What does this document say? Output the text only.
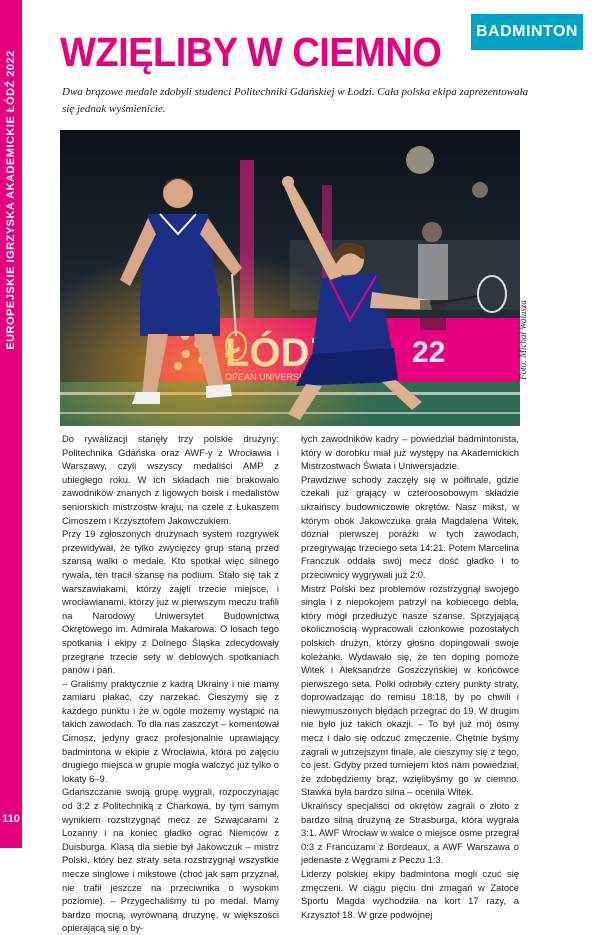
EUROPEJSKIE IGRZYSKA AKADEMICKIE ŁÓDŹ 2022
110
BADMINTON
WZIĘLIBY W CIEMNO

Dwa brązowe medale zdobyli studenci Politechniki Gdańskiej w Łodzi. Cała polska ekipa zaprezentowała się jednak wyśmienicie.

Foto: Michał Walusza

Do rywalizacji stanęły trzy polskie drużyny: Politechnika Gdańska oraz AWF-y z Wrocławia i Warszawy, czyli wszyscy medaliści AMP z ubiegłego roku. W ich składach nie brakowało zawodników znanych z ligowych boisk i medalistów seniorskich mistrzostw kraju, na czele z Łukaszem Cimoszem i Krzysztofem Jakowczukiem.

Przy 19 zgłoszonych drużynach system rozgrywek przewidywał, że tylko zwycięzcy grup staną przed szansą walki o medale. Kto spotkał więc silnego rywala, ten tracił szansę na podium. Stało się tak z warszawiakami, którzy zajęli trzecie miejsce, i wrocławianami, którzy już w pierwszym meczu trafili na Narodowy Uniwersytet Budownictwa Okrętowego im. Admirała Makarowa. O losach tego spotkania i ekipy z Dolnego Śląska zdecydowały przegrane trzecie sety w deblowych spotkaniach panów i pań.

– Graliśmy praktycznie z kadrą Ukrainy i nie mamy zamiaru płakać, czy narzekać. Cieszymy się z każdego punktu i że w ogóle możemy wystąpić na takich zawodach. To dla nas zaszczyt – komentował Cimosz, jedyny gracz profesjonalnie uprawiający badmintona w ekipie z Wrocławia, która po zajęciu drugiego miejsca w grupie mogła walczyć już tylko o lokaty 6–9.

Gdańszczanie swoją grupę wygrali, rozpoczynając od 3:2 z Politechniką z Charkowa, by tym samym wynikiem rozstrzygnąć mecz ze Szwajcarami z Lozanny i na koniec gładko ograć Niemców z Duisburga. Klasą dla siebie był Jakowczuk – mistrz Polski, który bez straty seta rozstrzygnął wszystkie mecze singlowe i mikstowe (choć jak sam przyznał, nie trafił jeszcze na przeciwnika o wysokim poziomie). – Przygechaliśmy tu po medal. Mamy bardzo mocną, wyrównaną drużynę, w większości opierającą się o by-

łych zawodników kadry – powiedział badmintonista, który w dorobku miał już występy na Akademickich Mistrzostwach Świata i Uniwersjadzie.

Prawdziwe schody zaczęły się w półfinale, gdzie czekali już grający w czteroosobowym składzie ukraińscy budowniczowie okrętów. Nasz mikst, w którym obok Jakowczuka grała Magdalena Witek, doznał pierwszej porażki w tych zawodach, przegrywając trzeciego seta 14:21. Potem Marcelina Franczuk oddała swój mecz dość gładko i to przeciwnicy wygrywali już 2:0.

Mistrz Polski bez problemów rozstrzygnął swojego singla i z niepokojem patrzył na kobiecego debla, który mógł przedłużyć nasze szanse. Sprzyjającą okolicznością wypracowali członkowie pozostałych polskich drużyn, którzy głośno dopingowali swoje koleżanki. Wydawało się, że ten doping pomoże Witek i Aleksandrze Goszczyńskiej w końcówce pierwszego seta. Polki odrobiły cztery punkty straty, doprowadzając do remisu 18:18, by po chwili i niewymuszonych błędach przegrać do 19. W drugim nie było już takich okazji. – To był już mój ósmy mecz i dało się odczuć zmęczenie. Chętnie byśmy zagrali w jutrzejszym finale, ale cieszymy się z tego, co jest. Gdyby przed turniejem ktoś nam powiedział, że zdobędziemy brąz, wzięlibyśmy go w ciemno. Stawka była bardzo silna – oceniła Witek.

Ukraińscy specjaliści od okrętów zagrali o złoto z bardzo silną drużyną ze Strasburga, która wygrała 3:1. AWF Wrocław w walce o miejsce ósme przegrał 0:3 z Francuzami z Bordeaux, a AWF Warszawa o jedenaste z Węgrami z Peczu 1:3.

Liderzy polskiej ekipy badmintona mogli czuć się zmęczeni. W ciągu pięciu dni zmagań w Zatoce Sportu Magda wychodziła na kort 17 razy, a Krzysztof 18. W grze podwójnej
